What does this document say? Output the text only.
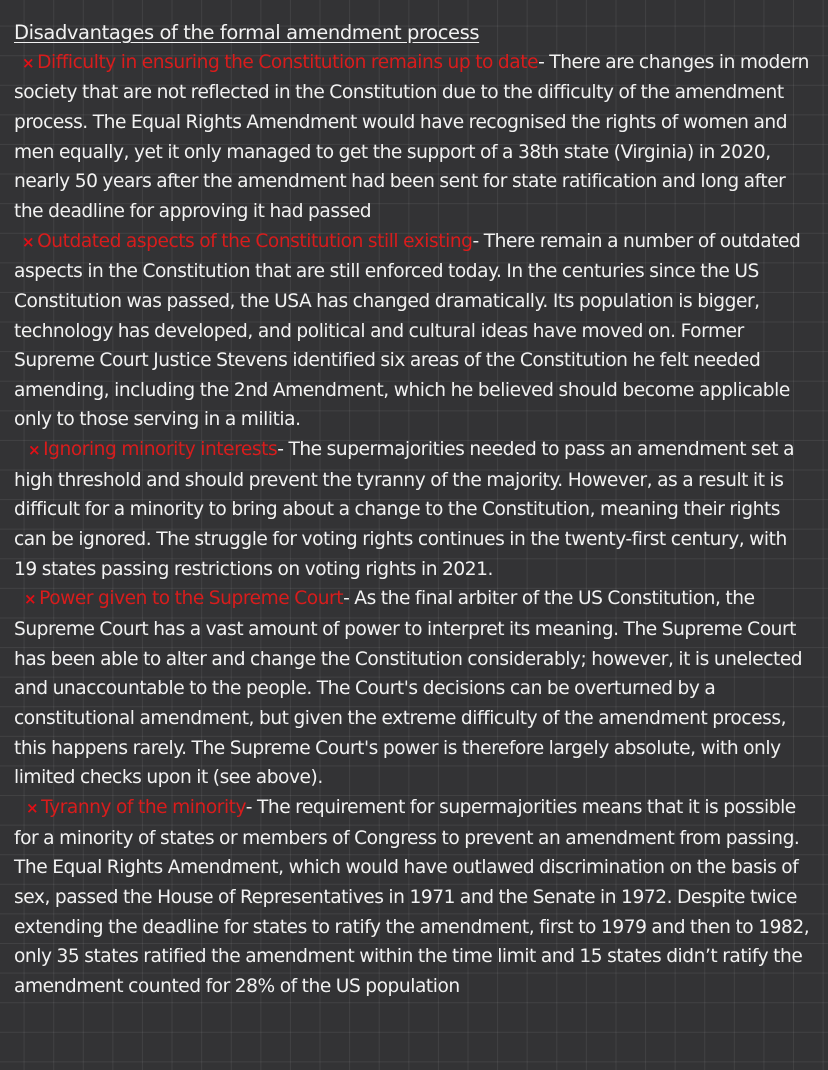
Disadvantages of the formal amendment process

× Difficulty in ensuring the Constitution remains up to date- There are changes in modern society that are not reflected in the Constitution due to the difficulty of the amendment process. The Equal Rights Amendment would have recognised the rights of women and men equally, yet it only managed to get the support of a 38th state (Virginia) in 2020, nearly 50 years after the amendment had been sent for state ratification and long after the deadline for approving it had passed

× Outdated aspects of the Constitution still existing- There remain a number of outdated aspects in the Constitution that are still enforced today. In the centuries since the US Constitution was passed, the USA has changed dramatically. Its population is bigger, technology has developed, and political and cultural ideas have moved on. Former Supreme Court Justice Stevens identified six areas of the Constitution he felt needed amending, including the 2nd Amendment, which he believed should become applicable only to those serving in a militia.

× Ignoring minority interests- The supermajorities needed to pass an amendment set a high threshold and should prevent the tyranny of the majority. However, as a result it is difficult for a minority to bring about a change to the Constitution, meaning their rights can be ignored. The struggle for voting rights continues in the twenty-first century, with 19 states passing restrictions on voting rights in 2021.

× Power given to the Supreme Court- As the final arbiter of the US Constitution, the Supreme Court has a vast amount of power to interpret its meaning. The Supreme Court has been able to alter and change the Constitution considerably; however, it is unelected and unaccountable to the people. The Court's decisions can be overturned by a constitutional amendment, but given the extreme difficulty of the amendment process, this happens rarely. The Supreme Court's power is therefore largely absolute, with only limited checks upon it (see above).

× Tyranny of the minority- The requirement for supermajorities means that it is possible for a minority of states or members of Congress to prevent an amendment from passing. The Equal Rights Amendment, which would have outlawed discrimination on the basis of sex, passed the House of Representatives in 1971 and the Senate in 1972. Despite twice extending the deadline for states to ratify the amendment, first to 1979 and then to 1982, only 35 states ratified the amendment within the time limit and 15 states didn’t ratify the amendment counted for 28% of the US population
